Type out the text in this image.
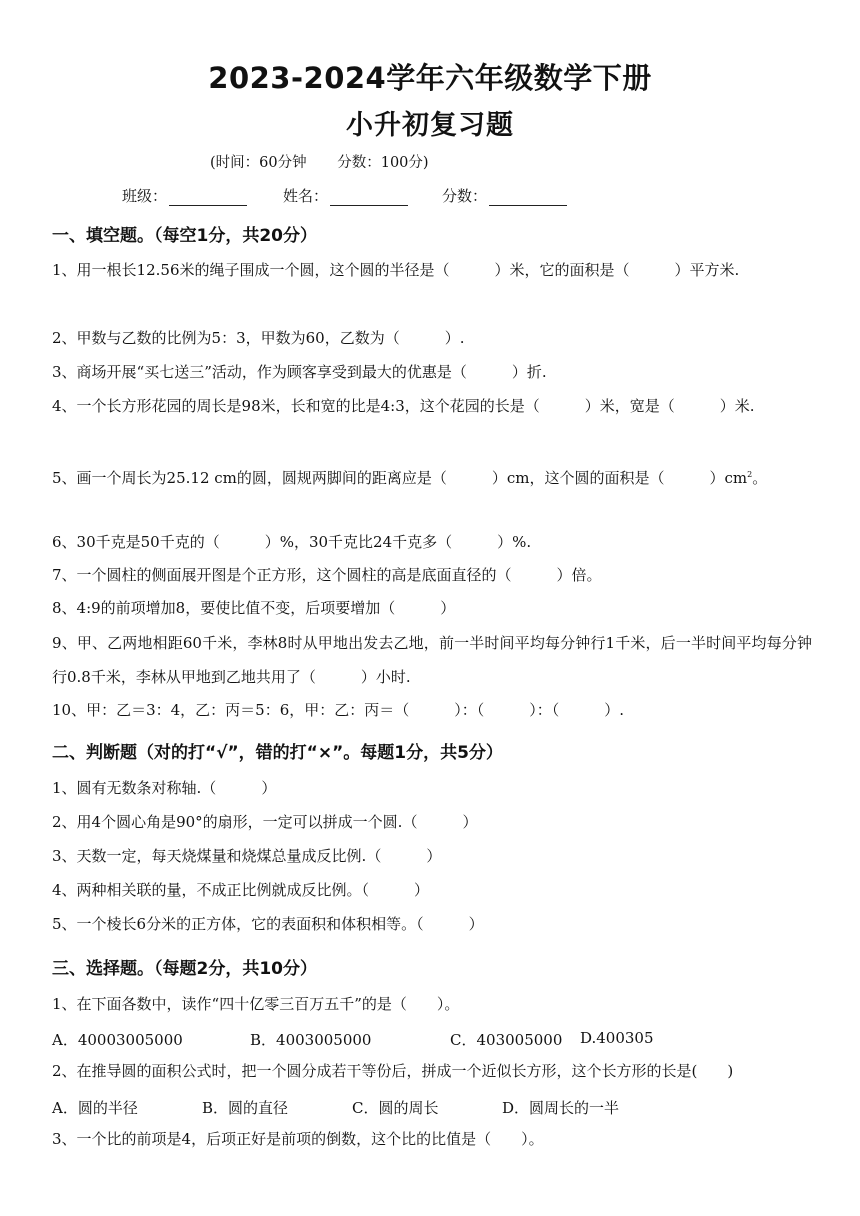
2023-2024学年六年级数学下册
小升初复习题
(时间：60分钟 分数：100分)
班级：	姓名：	分数：
一、填空题。（每空1分，共20分）
1、用一根长12.56米的绳子围成一个圆，这个圆的半径是（　　　）米，它的面积是（　　　）平方米.
2、甲数与乙数的比例为5：3，甲数为60，乙数为（　　　）.
3、商场开展“买七送三”活动，作为顾客享受到最大的优惠是（　　　）折.
4、一个长方形花园的周长是98米，长和宽的比是4:3，这个花园的长是（　　　）米，宽是（　　　）米.
5、画一个周长为25.12 cm的圆，圆规两脚间的距离应是（　　　）cm，这个圆的面积是（　　　）$cm^2$。
6、30千克是50千克的（　　　）%，30千克比24千克多（　　　）%.
7、一个圆柱的侧面展开图是个正方形，这个圆柱的高是底面直径的（　　　）倍。
8、4:9的前项增加8，要使比值不变，后项要增加（　　　）
9、甲、乙两地相距60千米，李林8时从甲地出发去乙地，前一半时间平均每分钟行1千米，后一半时间平均每分钟行0.8千米，李林从甲地到乙地共用了（　　　）小时.
10、甲：乙＝3：4，乙：丙＝5：6，甲：乙：丙＝（　　　）：（　　　）：（　　　）.
二、判断题（对的打“√”，错的打“×”。每题1分，共5分）
1、圆有无数条对称轴.（　　　）
2、用4个圆心角是90°的扇形，一定可以拼成一个圆.（　　　）
3、天数一定，每天烧煤量和烧煤总量成反比例.（　　　）
4、两种相关联的量，不成正比例就成反比例。（　　　）
5、一个棱长6分米的正方体，它的表面积和体积相等。（　　　）
三、选择题。（每题2分，共10分）
1、在下面各数中，读作“四十亿零三百万五千”的是（　　）。
A．40003005000	B．4003005000	C．403005000	D.400305
2、在推导圆的面积公式时，把一个圆分成若干等份后，拼成一个近似长方形，这个长方形的长是(　　)
A．圆的半径	B．圆的直径	C．圆的周长	D．圆周长的一半
3、一个比的前项是4，后项正好是前项的倒数，这个比的比值是（　　）。
